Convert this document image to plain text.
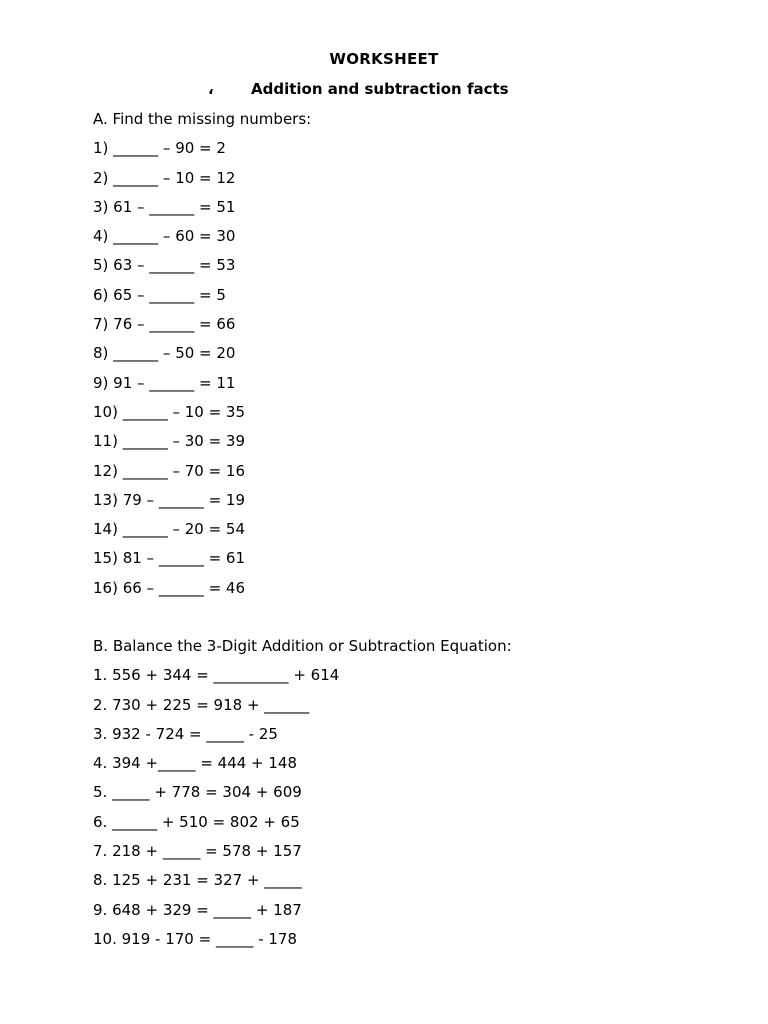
WORKSHEET
، Addition and subtraction facts
A. Find the missing numbers:
1) ______ – 90 = 2
2) ______ – 10 = 12
3) 61 – ______ = 51
4) ______ – 60 = 30
5) 63 – ______ = 53
6) 65 – ______ = 5
7) 76 – ______ = 66
8) ______ – 50 = 20
9) 91 – ______ = 11
10) ______ – 10 = 35
11) ______ – 30 = 39
12) ______ – 70 = 16
13) 79 – ______ = 19
14) ______ – 20 = 54
15) 81 – ______ = 61
16) 66 – ______ = 46
B. Balance the 3-Digit Addition or Subtraction Equation:
1. 556 + 344 = __________ + 614
2. 730 + 225 = 918 + ______
3. 932 - 724 = _____ - 25
4. 394 +_____ = 444 + 148
5. _____ + 778 = 304 + 609
6. ______ + 510 = 802 + 65
7. 218 + _____ = 578 + 157
8. 125 + 231 = 327 + _____
9. 648 + 329 = _____ + 187
10. 919 - 170 = _____ - 178
